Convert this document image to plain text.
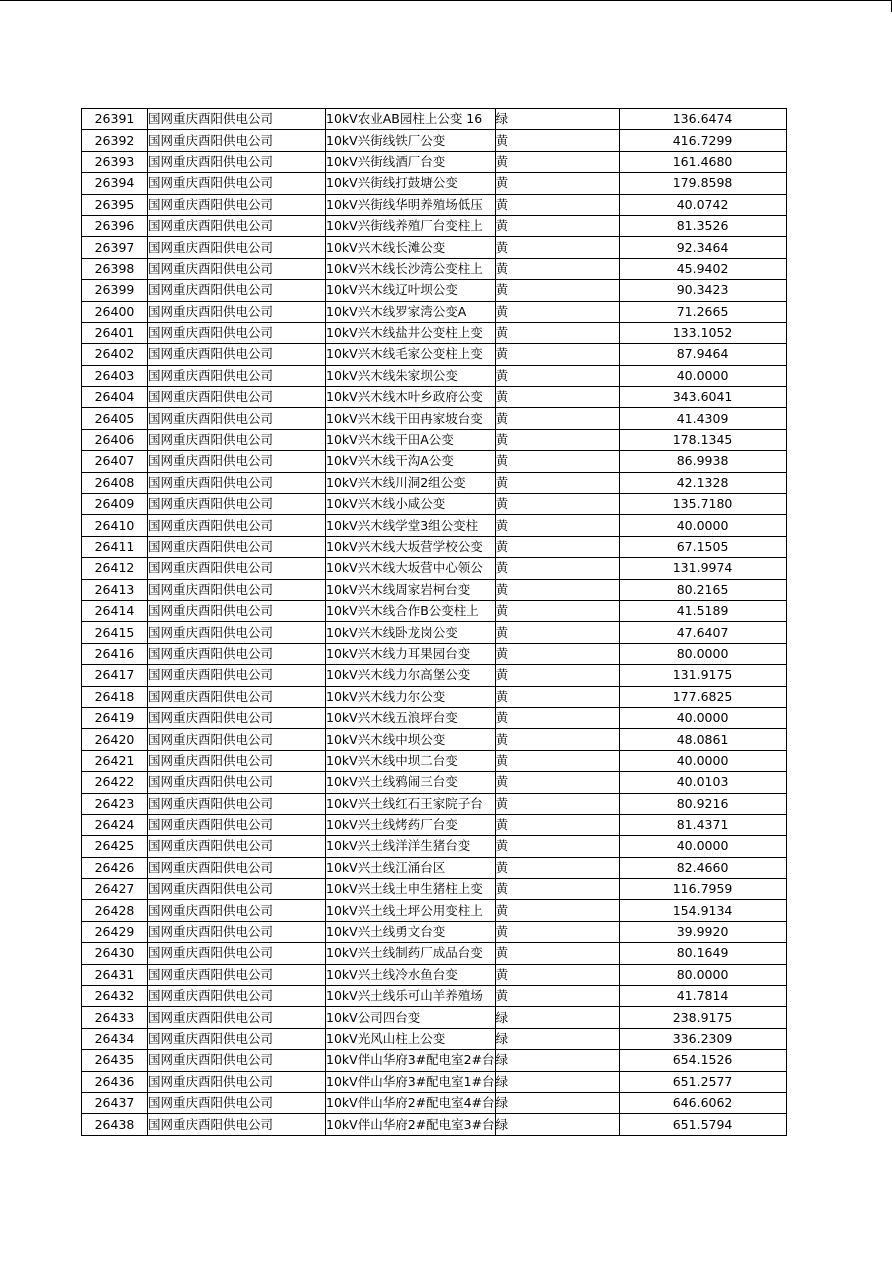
26391	国网重庆酉阳供电公司	10kV农业AB园柱上公变 16	绿	136.6474
26392	国网重庆酉阳供电公司	10kV兴街线铁厂公变	黄	416.7299
26393	国网重庆酉阳供电公司	10kV兴街线酒厂台变	黄	161.4680
26394	国网重庆酉阳供电公司	10kV兴街线打鼓塘公变	黄	179.8598
26395	国网重庆酉阳供电公司	10kV兴街线华明养殖场低压	黄	40.0742
26396	国网重庆酉阳供电公司	10kV兴街线养殖厂台变柱上	黄	81.3526
26397	国网重庆酉阳供电公司	10kV兴木线长滩公变	黄	92.3464
26398	国网重庆酉阳供电公司	10kV兴木线长沙湾公变柱上	黄	45.9402
26399	国网重庆酉阳供电公司	10kV兴木线辽叶坝公变	黄	90.3423
26400	国网重庆酉阳供电公司	10kV兴木线罗家湾公变A	黄	71.2665
26401	国网重庆酉阳供电公司	10kV兴木线盐井公变柱上变	黄	133.1052
26402	国网重庆酉阳供电公司	10kV兴木线毛家公变柱上变	黄	87.9464
26403	国网重庆酉阳供电公司	10kV兴木线朱家坝公变	黄	40.0000
26404	国网重庆酉阳供电公司	10kV兴木线木叶乡政府公变	黄	343.6041
26405	国网重庆酉阳供电公司	10kV兴木线干田冉家坡台变	黄	41.4309
26406	国网重庆酉阳供电公司	10kV兴木线干田A公变	黄	178.1345
26407	国网重庆酉阳供电公司	10kV兴木线干沟A公变	黄	86.9938
26408	国网重庆酉阳供电公司	10kV兴木线川洞2组公变	黄	42.1328
26409	国网重庆酉阳供电公司	10kV兴木线小咸公变	黄	135.7180
26410	国网重庆酉阳供电公司	10kV兴木线学堂3组公变柱	黄	40.0000
26411	国网重庆酉阳供电公司	10kV兴木线大坂营学校公变	黄	67.1505
26412	国网重庆酉阳供电公司	10kV兴木线大坂营中心领公	黄	131.9974
26413	国网重庆酉阳供电公司	10kV兴木线周家岩柯台变	黄	80.2165
26414	国网重庆酉阳供电公司	10kV兴木线合作B公变柱上	黄	41.5189
26415	国网重庆酉阳供电公司	10kV兴木线卧龙岗公变	黄	47.6407
26416	国网重庆酉阳供电公司	10kV兴木线力耳果园台变	黄	80.0000
26417	国网重庆酉阳供电公司	10kV兴木线力尔高堡公变	黄	131.9175
26418	国网重庆酉阳供电公司	10kV兴木线力尔公变	黄	177.6825
26419	国网重庆酉阳供电公司	10kV兴木线五浪坪台变	黄	40.0000
26420	国网重庆酉阳供电公司	10kV兴木线中坝公变	黄	48.0861
26421	国网重庆酉阳供电公司	10kV兴木线中坝二台变	黄	40.0000
26422	国网重庆酉阳供电公司	10kV兴土线鸦闹三台变	黄	40.0103
26423	国网重庆酉阳供电公司	10kV兴土线红石王家院子台	黄	80.9216
26424	国网重庆酉阳供电公司	10kV兴土线烤药厂台变	黄	81.4371
26425	国网重庆酉阳供电公司	10kV兴土线洋洋生猪台变	黄	40.0000
26426	国网重庆酉阳供电公司	10kV兴土线江涌台区	黄	82.4660
26427	国网重庆酉阳供电公司	10kV兴土线土申生猪柱上变	黄	116.7959
26428	国网重庆酉阳供电公司	10kV兴土线土坪公用变柱上	黄	154.9134
26429	国网重庆酉阳供电公司	10kV兴土线勇文台变	黄	39.9920
26430	国网重庆酉阳供电公司	10kV兴土线制药厂成品台变	黄	80.1649
26431	国网重庆酉阳供电公司	10kV兴土线冷水鱼台变	黄	80.0000
26432	国网重庆酉阳供电公司	10kV兴土线乐可山羊养殖场	黄	41.7814
26433	国网重庆酉阳供电公司	10kV公司四台变	绿	238.9175
26434	国网重庆酉阳供电公司	10kV光风山柱上公变	绿	336.2309
26435	国网重庆酉阳供电公司	10kV伴山华府3#配电室2#台	绿	654.1526
26436	国网重庆酉阳供电公司	10kV伴山华府3#配电室1#台	绿	651.2577
26437	国网重庆酉阳供电公司	10kV伴山华府2#配电室4#台	绿	646.6062
26438	国网重庆酉阳供电公司	10kV伴山华府2#配电室3#台	绿	651.5794
